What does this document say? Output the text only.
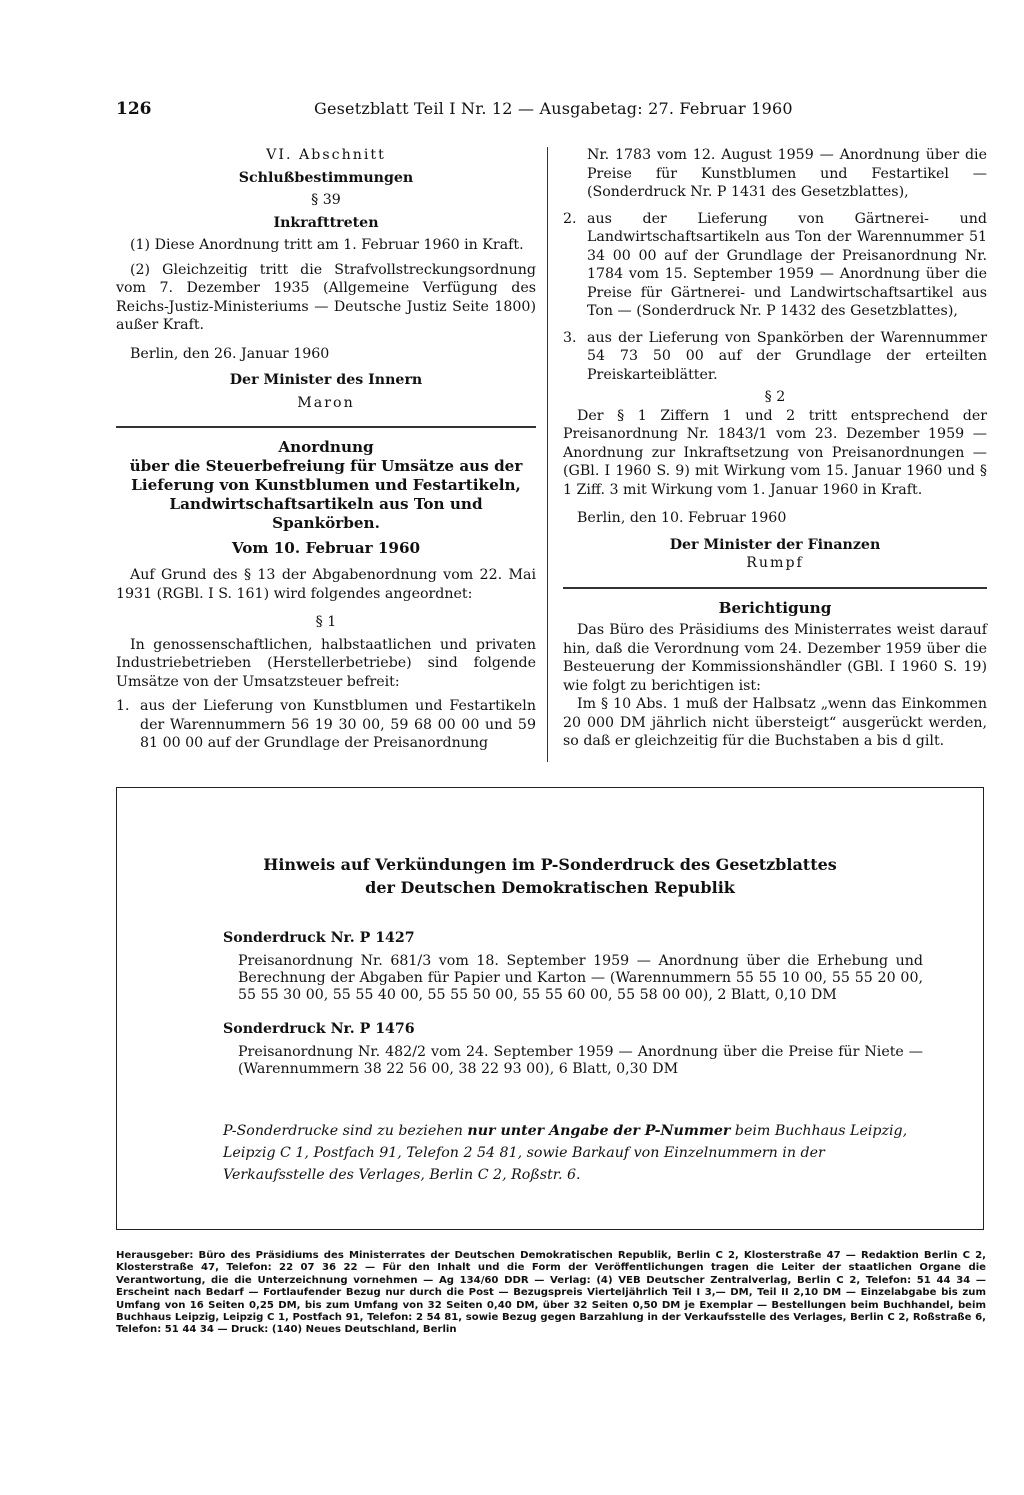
126	Gesetzblatt Teil I Nr. 12 — Ausgabetag: 27. Februar 1960

VI. Abschnitt

Schlußbestimmungen

§ 39

Inkrafttreten

(1) Diese Anordnung tritt am 1. Februar 1960 in Kraft.

(2) Gleichzeitig tritt die Strafvollstreckungsordnung vom 7. Dezember 1935 (Allgemeine Verfügung des Reichs-Justiz-Ministeriums — Deutsche Justiz Seite 1800) außer Kraft.

Berlin, den 26. Januar 1960

Der Minister des Innern

Maron

Anordnung

über die Steuerbefreiung für Umsätze aus der Lieferung von Kunstblumen und Festartikeln, Landwirtschaftsartikeln aus Ton und Spankörben.

Vom 10. Februar 1960

Auf Grund des § 13 der Abgabenordnung vom 22. Mai 1931 (RGBl. I S. 161) wird folgendes angeordnet:

§ 1

In genossenschaftlichen, halbstaatlichen und privaten Industriebetrieben (Herstellerbetriebe) sind folgende Umsätze von der Umsatzsteuer befreit:

1. aus der Lieferung von Kunstblumen und Festartikeln der Warennummern 56 19 30 00, 59 68 00 00 und 59 81 00 00 auf der Grundlage der Preisanordnung
Nr. 1783 vom 12. August 1959 — Anordnung über die Preise für Kunstblumen und Festartikel — (Sonderdruck Nr. P 1431 des Gesetzblattes),
2. aus der Lieferung von Gärtnerei- und Landwirtschaftsartikeln aus Ton der Warennummer 51 34 00 00 auf der Grundlage der Preisanordnung Nr. 1784 vom 15. September 1959 — Anordnung über die Preise für Gärtnerei- und Landwirtschaftsartikel aus Ton — (Sonderdruck Nr. P 1432 des Gesetzblattes),
3. aus der Lieferung von Spankörben der Warennummer 54 73 50 00 auf der Grundlage der erteilten Preiskarteiblätter.

§ 2

Der § 1 Ziffern 1 und 2 tritt entsprechend der Preisanordnung Nr. 1843/1 vom 23. Dezember 1959 — Anordnung zur Inkraftsetzung von Preisanordnungen — (GBl. I 1960 S. 9) mit Wirkung vom 15. Januar 1960 und § 1 Ziff. 3 mit Wirkung vom 1. Januar 1960 in Kraft.

Berlin, den 10. Februar 1960

Der Minister der Finanzen

Rumpf

Berichtigung

Das Büro des Präsidiums des Ministerrates weist darauf hin, daß die Verordnung vom 24. Dezember 1959 über die Besteuerung der Kommissionshändler (GBl. I 1960 S. 19) wie folgt zu berichtigen ist:

Im § 10 Abs. 1 muß der Halbsatz „wenn das Einkommen 20 000 DM jährlich nicht übersteigt“ ausgerückt werden, so daß er gleichzeitig für die Buchstaben a bis d gilt.

Hinweis auf Verkündungen im P-Sonderdruck des Gesetzblattes
der Deutschen Demokratischen Republik
Sonderdruck Nr. P 1427
Preisanordnung Nr. 681/3 vom 18. September 1959 — Anordnung über die Erhebung und Berechnung der Abgaben für Papier und Karton — (Warennummern 55 55 10 00, 55 55 20 00, 55 55 30 00, 55 55 40 00, 55 55 50 00, 55 55 60 00, 55 58 00 00), 2 Blatt, 0,10 DM
Sonderdruck Nr. P 1476
Preisanordnung Nr. 482/2 vom 24. September 1959 — Anordnung über die Preise für Niete — (Warennummern 38 22 56 00, 38 22 93 00), 6 Blatt, 0,30 DM
P-Sonderdrucke sind zu beziehen nur unter Angabe der P-Nummer beim Buchhaus Leipzig, Leipzig C 1, Postfach 91, Telefon 2 54 81, sowie Barkauf von Einzelnummern in der Verkaufsstelle des Verlages, Berlin C 2, Roßstr. 6.
Herausgeber: Büro des Präsidiums des Ministerrates der Deutschen Demokratischen Republik, Berlin C 2, Klosterstraße 47 — Redaktion Berlin C 2, Klosterstraße 47, Telefon: 22 07 36 22 — Für den Inhalt und die Form der Veröffentlichungen tragen die Leiter der staatlichen Organe die Verantwortung, die die Unterzeichnung vornehmen — Ag 134/60 DDR — Verlag: (4) VEB Deutscher Zentralverlag, Berlin C 2, Telefon: 51 44 34 — Erscheint nach Bedarf — Fortlaufender Bezug nur durch die Post — Bezugspreis Vierteljährlich Teil I 3,— DM, Teil II 2,10 DM — Einzelabgabe bis zum Umfang von 16 Seiten 0,25 DM, bis zum Umfang von 32 Seiten 0,40 DM, über 32 Seiten 0,50 DM je Exemplar — Bestellungen beim Buchhandel, beim Buchhaus Leipzig, Leipzig C 1, Postfach 91, Telefon: 2 54 81, sowie Bezug gegen Barzahlung in der Verkaufsstelle des Verlages, Berlin C 2, Roßstraße 6, Telefon: 51 44 34 — Druck: (140) Neues Deutschland, Berlin
